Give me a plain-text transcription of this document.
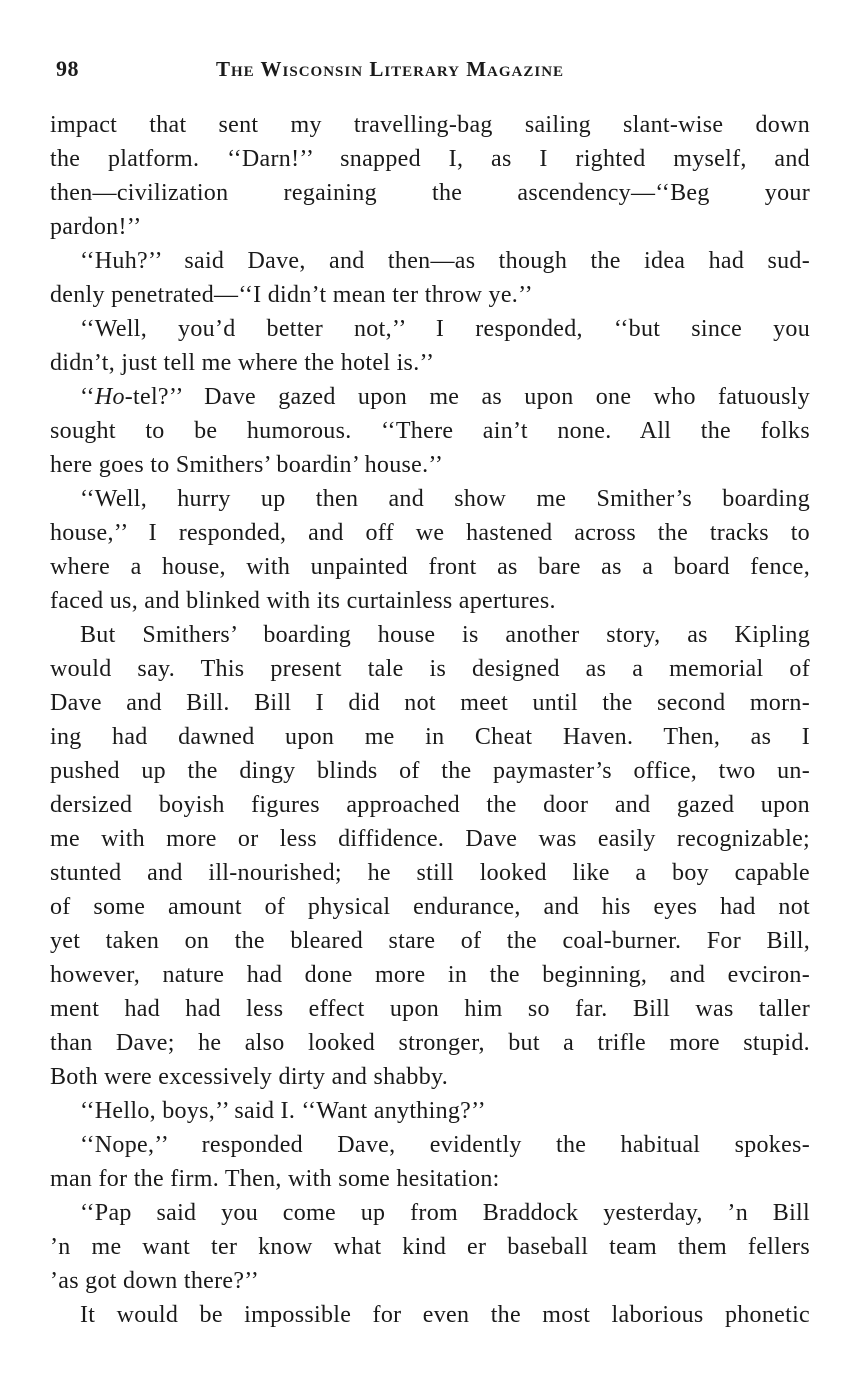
98	The Wisconsin Literary Magazine

impact that sent my travelling-bag sailing slant-wise down
the platform. ‘‘Darn!’’ snapped I, as I righted myself, and
then—civilization regaining the ascendency—‘‘Beg your
pardon!’’

‘‘Huh?’’ said Dave, and then—as though the idea had sud-
denly penetrated—‘‘I didn’t mean ter throw ye.’’

‘‘Well, you’d better not,’’ I responded, ‘‘but since you
didn’t, just tell me where the hotel is.’’

‘‘Ho-tel?’’ Dave gazed upon me as upon one who fatuously
sought to be humorous. ‘‘There ain’t none. All the folks
here goes to Smithers’ boardin’ house.’’

‘‘Well, hurry up then and show me Smither’s boarding
house,’’ I responded, and off we hastened across the tracks to
where a house, with unpainted front as bare as a board fence,
faced us, and blinked with its curtainless apertures.

But Smithers’ boarding house is another story, as Kipling
would say. This present tale is designed as a memorial of
Dave and Bill. Bill I did not meet until the second morn-
ing had dawned upon me in Cheat Haven. Then, as I
pushed up the dingy blinds of the paymaster’s office, two un-
dersized boyish figures approached the door and gazed upon
me with more or less diffidence. Dave was easily recognizable;
stunted and ill-nourished; he still looked like a boy capable
of some amount of physical endurance, and his eyes had not
yet taken on the bleared stare of the coal-burner. For Bill,
however, nature had done more in the beginning, and evciron-
ment had had less effect upon him so far. Bill was taller
than Dave; he also looked stronger, but a trifle more stupid.
Both were excessively dirty and shabby.

‘‘Hello, boys,’’ said I. ‘‘Want anything?’’

‘‘Nope,’’ responded Dave, evidently the habitual spokes-
man for the firm. Then, with some hesitation:

‘‘Pap said you come up from Braddock yesterday, ’n Bill
’n me want ter know what kind er baseball team them fellers
’as got down there?’’

It would be impossible for even the most laborious phonetic
